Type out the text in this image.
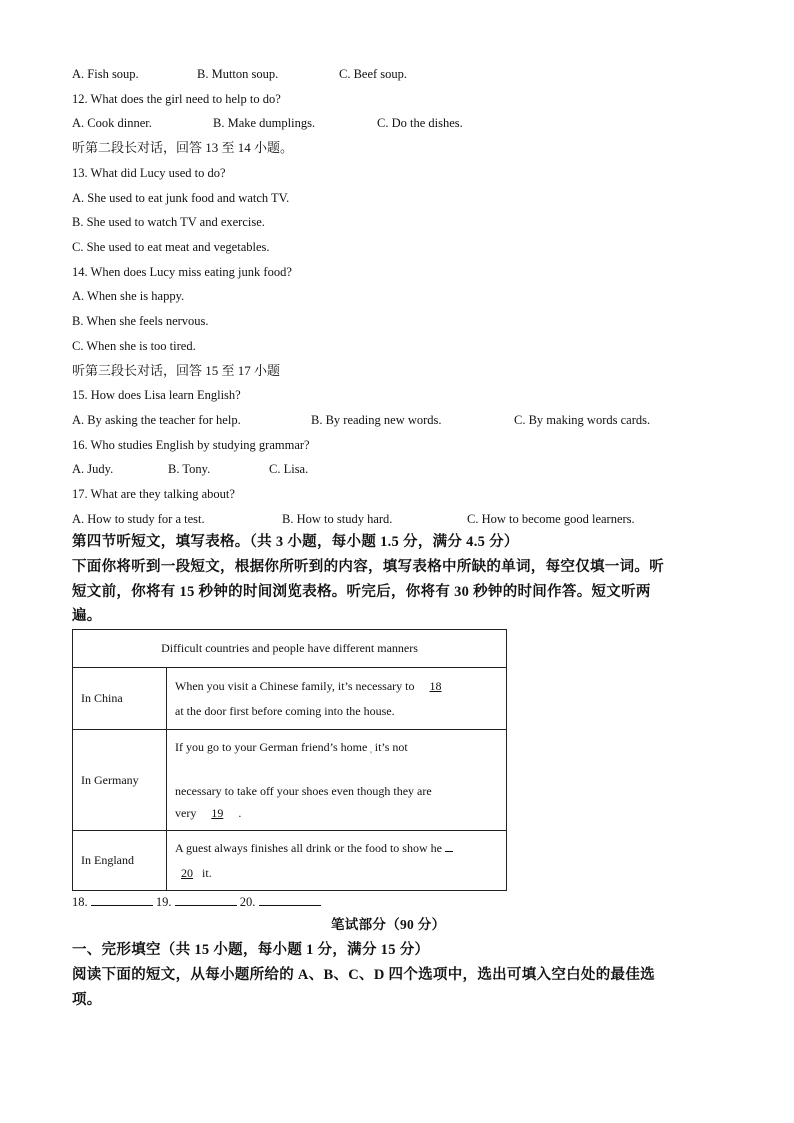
A. Fish soup.	B. Mutton soup.	C. Beef soup.
12. What does the girl need to help to do?
A. Cook dinner.	B. Make dumplings.	C. Do the dishes.
听第二段长对话，回答 13 至 14 小题。
13. What did Lucy used to do?
A. She used to eat junk food and watch TV.
B. She used to watch TV and exercise.
C. She used to eat meat and vegetables.
14. When does Lucy miss eating junk food?
A. When she is happy.
B. When she feels nervous.
C. When she is too tired.
听第三段长对话，回答 15 至 17 小题
15. How does Lisa learn English?
A. By asking the teacher for help.	B. By reading new words.	C. By making words cards.
16. Who studies English by studying grammar?
A. Judy.	B. Tony.	C. Lisa.
17. What are they talking about?
A. How to study for a test.	B. How to study hard.	C. How to become good learners.
第四节听短文，填写表格。（共 3 小题，每小题 1.5 分，满分 4.5 分）
下面你将听到一段短文，根据你所听到的内容，填写表格中所缺的单词，每空仅填一词。听
短文前，你将有 15 秒钟的时间浏览表格。听完后，你将有 30 秒钟的时间作答。短文听两
遍。
Difficult countries and people have different manners	
In China	When you visit a Chinese family, it’s necessary to 18
at the door first before coming into the house.
In Germany	If you go to your German friend’s home $'$ it’s not

necessary to take off your shoes even though they are
very 19 .
In England	A guest always finishes all drink or the food to show he
20 it.
18.	19.	20.
笔试部分（90 分）
一、完形填空（共 15 小题，每小题 1 分，满分 15 分）
阅读下面的短文，从每小题所给的 A、B、C、D 四个选项中，选出可填入空白处的最佳选
项。
